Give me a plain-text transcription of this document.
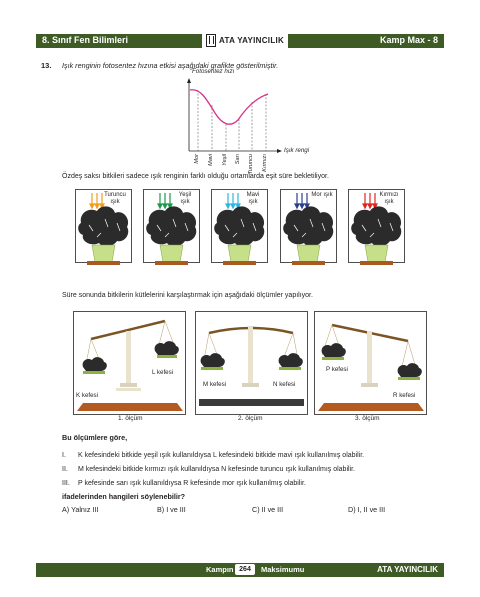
8. Sınıf Fen Bilimleri	Kamp Max - 8
ATA YAYINCILIK
13. Işık renginin fotosentez hızına etkisi aşağıdaki grafikte gösterilmiştir.
Fotosentez hızı
Işık rengi
Mor Mavi Yeşil Sarı Turuncu Kırmızı
Özdeş saksı bitkileri sadece ışık renginin farklı olduğu ortamlarda eşit süre bekletiliyor.
Turuncu ışık
Yeşil ışık
Mavi ışık
Mor ışık	Kırmızı ışık
Süre sonunda bitkilerin kütlelerini karşılaştırmak için aşağıdaki ölçümler yapılıyor.
K kefesi
L kefesi
1. ölçüm
M kefesi	N kefesi
2. ölçüm
P kefesi
R kefesi
3. ölçüm
Bu ölçümlere göre,
I. K kefesindeki bitkide yeşil ışık kullanıldıysa L kefesindeki bitkide mavi ışık kullanılmış olabilir.
II. M kefesindeki bitkide kırmızı ışık kullanıldıysa N kefesinde turuncu ışık kullanılmış olabilir.
III. P kefesinde sarı ışık kullanıldıysa R kefesinde mor ışık kullanılmış olabilir.
ifadelerinden hangileri söylenebilir?
A) Yalnız III	B) I ve III	C) II ve III	D) I, II ve III
Kampın 264	Maksimumu	ATA YAYINCILIK
